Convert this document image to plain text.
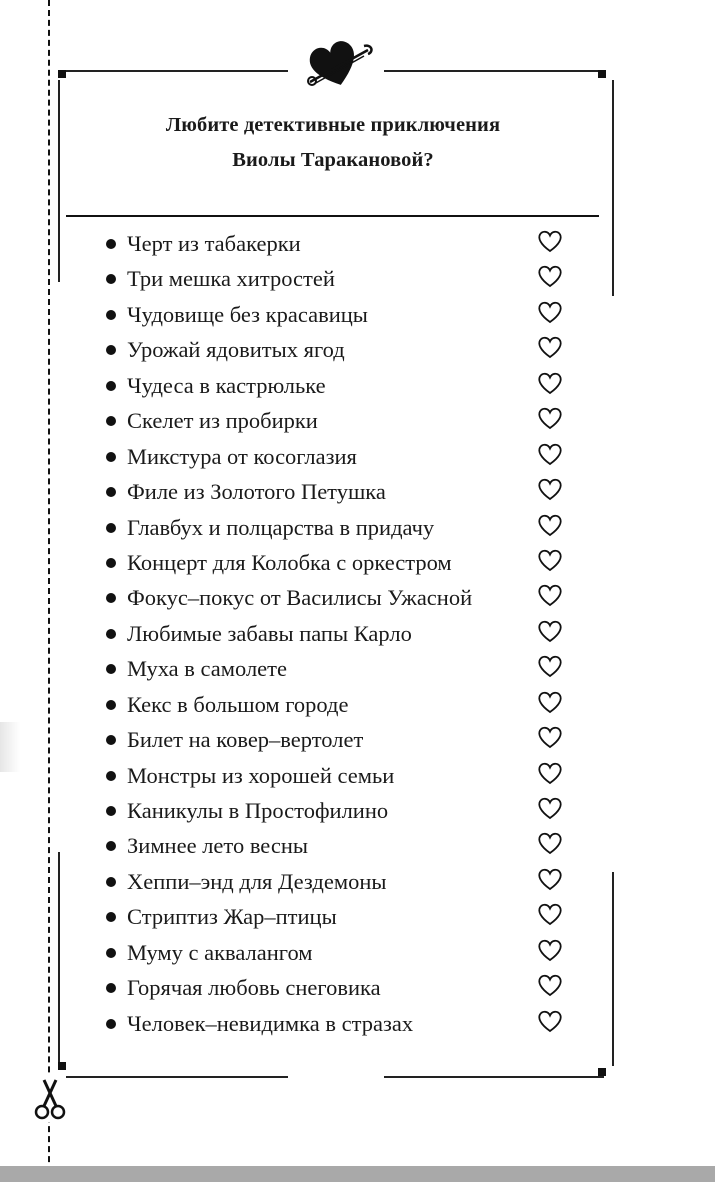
Любите детективные приключения
Виолы Таракановой?
Черт из табакерки
Три мешка хитростей
Чудовище без красавицы
Урожай ядовитых ягод
Чудеса в кастрюльке
Скелет из пробирки
Микстура от косоглазия
Филе из Золотого Петушка
Главбух и полцарства в придачу
Концерт для Колобка с оркестром
Фокус–покус от Василисы Ужасной
Любимые забавы папы Карло
Муха в самолете
Кекс в большом городе
Билет на ковер–вертолет
Монстры из хорошей семьи
Каникулы в Простофилино
Зимнее лето весны
Хеппи–энд для Дездемоны
Стриптиз Жар–птицы
Муму с аквалангом
Горячая любовь снеговика
Человек–невидимка в стразах
